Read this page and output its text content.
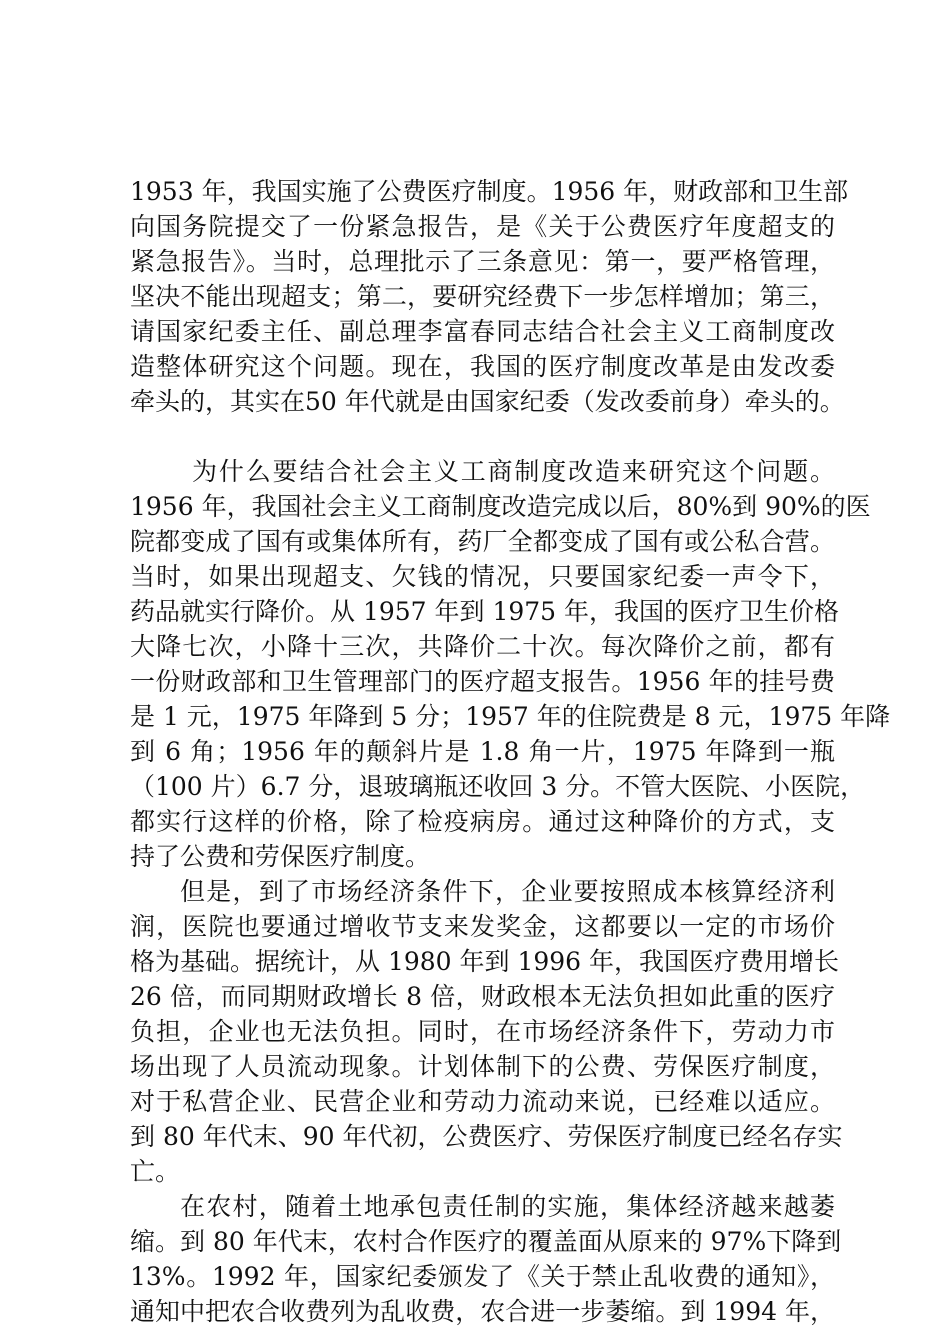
1953 年，我国实施了公费医疗制度。1956 年，财政部和卫生部
向国务院提交了一份紧急报告，是《关于公费医疗年度超支的
紧急报告》。当时，总理批示了三条意见：第一，要严格管理，
坚决不能出现超支；第二，要研究经费下一步怎样增加；第三，
请国家纪委主任、副总理李富春同志结合社会主义工商制度改
造整体研究这个问题。现在，我国的医疗制度改革是由发改委
牵头的，其实在50 年代就是由国家纪委（发改委前身）牵头的。
为什么要结合社会主义工商制度改造来研究这个问题。
1956 年，我国社会主义工商制度改造完成以后，80%到 90%的医
院都变成了国有或集体所有，药厂全都变成了国有或公私合营。
当时，如果出现超支、欠钱的情况，只要国家纪委一声令下，
药品就实行降价。从 1957 年到 1975 年，我国的医疗卫生价格
大降七次，小降十三次，共降价二十次。每次降价之前，都有
一份财政部和卫生管理部门的医疗超支报告。1956 年的挂号费
是 1 元，1975 年降到 5 分；1957 年的住院费是 8 元，1975 年降
到 6 角；1956 年的颠斜片是 1.8 角一片，1975 年降到一瓶
（100 片）6.7 分，退玻璃瓶还收回 3 分。不管大医院、小医院，
都实行这样的价格，除了检疫病房。通过这种降价的方式，支
持了公费和劳保医疗制度。
但是，到了市场经济条件下，企业要按照成本核算经济利
润，医院也要通过增收节支来发奖金，这都要以一定的市场价
格为基础。据统计，从 1980 年到 1996 年，我国医疗费用增长
26 倍，而同期财政增长 8 倍，财政根本无法负担如此重的医疗
负担，企业也无法负担。同时，在市场经济条件下，劳动力市
场出现了人员流动现象。计划体制下的公费、劳保医疗制度，
对于私营企业、民营企业和劳动力流动来说，已经难以适应。
到 80 年代末、90 年代初，公费医疗、劳保医疗制度已经名存实
亡。
在农村，随着土地承包责任制的实施，集体经济越来越萎
缩。到 80 年代末，农村合作医疗的覆盖面从原来的 97%下降到
13%。1992 年，国家纪委颁发了《关于禁止乱收费的通知》，
通知中把农合收费列为乱收费，农合进一步萎缩。到 1994 年，
